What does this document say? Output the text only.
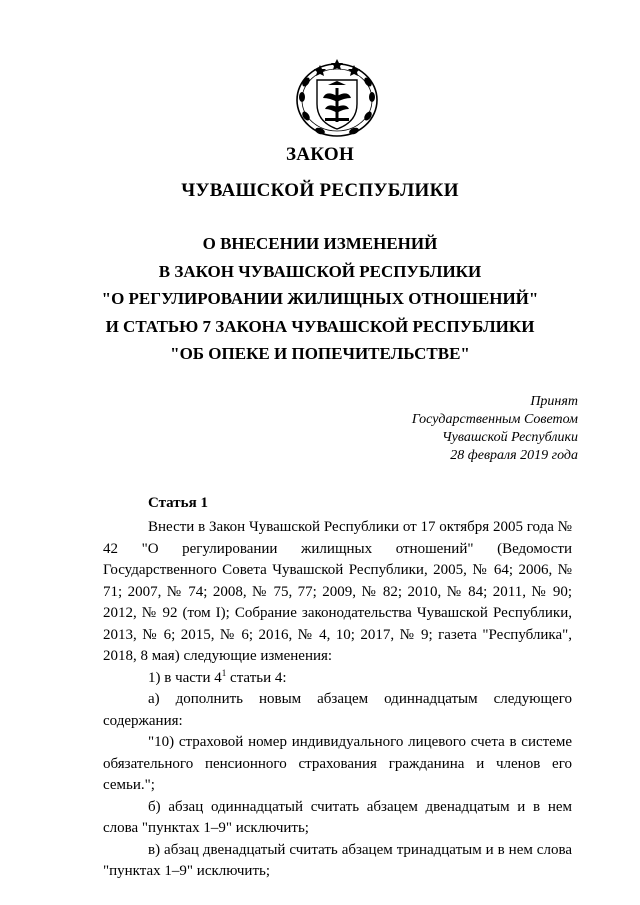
ЗАКОН
ЧУВАШСКОЙ РЕСПУБЛИКИ
О ВНЕСЕНИИ ИЗМЕНЕНИЙ
В ЗАКОН ЧУВАШСКОЙ РЕСПУБЛИКИ
"О РЕГУЛИРОВАНИИ ЖИЛИЩНЫХ ОТНОШЕНИЙ"
И СТАТЬЮ 7 ЗАКОНА ЧУВАШСКОЙ РЕСПУБЛИКИ
"ОБ ОПЕКЕ И ПОПЕЧИТЕЛЬСТВЕ"
Принят
Государственным Советом
Чувашской Республики
28 февраля 2019 года
Статья 1

Внести в Закон Чувашской Республики от 17 октября 2005 года № 42 "О регулировании жилищных отношений" (Ведомости Государственного Совета Чувашской Республики, 2005, № 64; 2006, № 71; 2007, № 74; 2008, № 75, 77; 2009, № 82; 2010, № 84; 2011, № 90; 2012, № 92 (том I); Собрание законодательства Чувашской Республики, 2013, № 6; 2015, № 6; 2016, № 4, 10; 2017, № 9; газета "Республика", 2018, 8 мая) следующие изменения:

1) в части $4^1$ статьи 4:

а) дополнить новым абзацем одиннадцатым следующего содержания:

"10) страховой номер индивидуального лицевого счета в системе обязательного пенсионного страхования гражданина и членов его семьи.";

б) абзац одиннадцатый считать абзацем двенадцатым и в нем слова "пунктах 1–9" исключить;

в) абзац двенадцатый считать абзацем тринадцатым и в нем слова "пунктах 1–9" исключить;
